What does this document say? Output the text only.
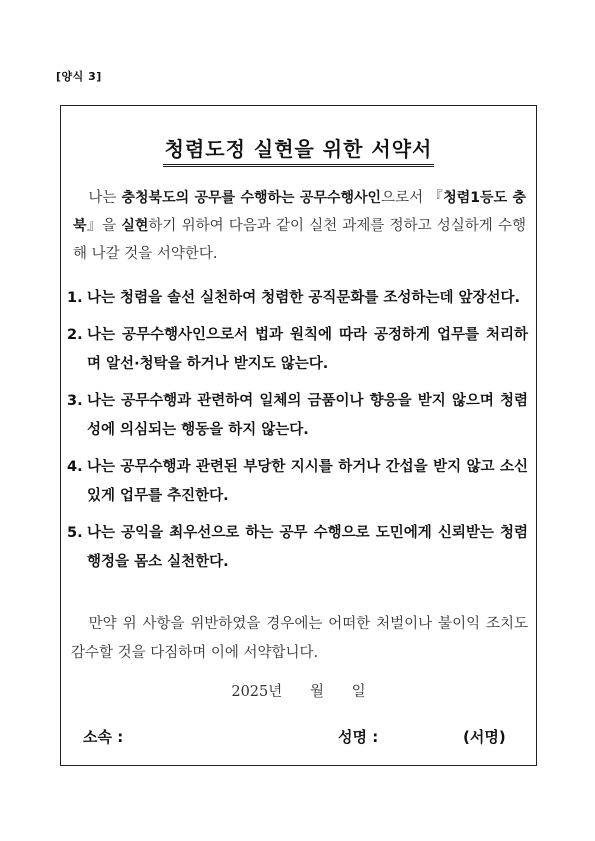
[양식 3]
청렴도정 실현을 위한 서약서
나는 충청북도의 공무를 수행하는 공무수행사인으로서 『청렴1등도 충북』을 실현하기 위하여 다음과 같이 실천 과제를 정하고 성실하게 수행해 나갈 것을 서약한다.
1. 나는 청렴을 솔선 실천하여 청렴한 공직문화를 조성하는데 앞장선다.
2. 나는 공무수행사인으로서 법과 원칙에 따라 공정하게 업무를 처리하며 알선·청탁을 하거나 받지도 않는다.
3. 나는 공무수행과 관련하여 일체의 금품이나 향응을 받지 않으며 청렴성에 의심되는 행동을 하지 않는다.
4. 나는 공무수행과 관련된 부당한 지시를 하거나 간섭을 받지 않고 소신 있게 업무를 추진한다.
5. 나는 공익을 최우선으로 하는 공무 수행으로 도민에게 신뢰받는 청렴행정을 몸소 실천한다.
만약 위 사항을 위반하였을 경우에는 어떠한 처벌이나 불이익 조치도 감수할 것을 다짐하며 이에 서약합니다.
2025년 월 일
소속 :	성명 :	(서명)
